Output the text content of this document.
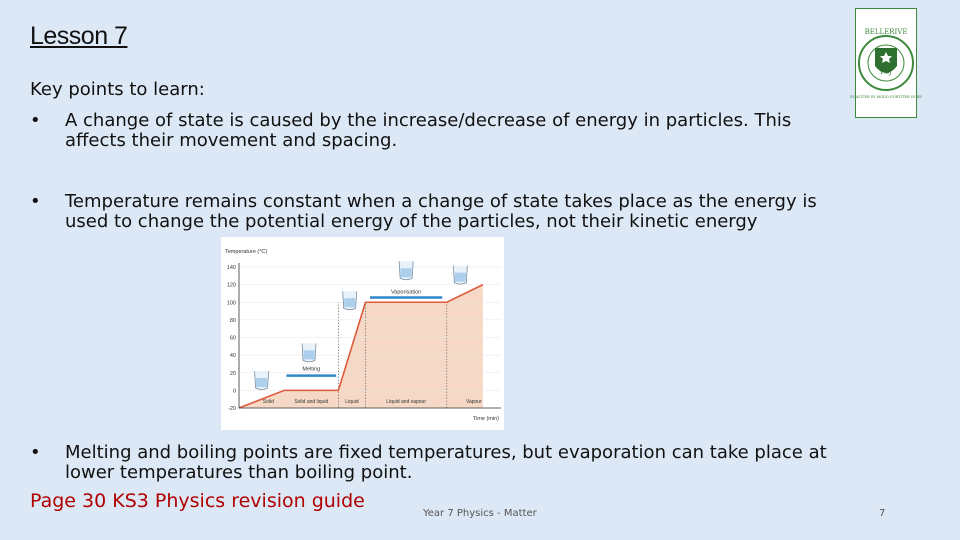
Lesson 7
Key points to learn:
• A change of state is caused by the increase/decrease of energy in particles. This affects their movement and spacing.
• Temperature remains constant when a change of state takes place as the energy is used to change the potential energy of the particles, not their kinetic energy
• Melting and boiling points are fixed temperatures, but evaporation can take place at lower temperatures than boiling point.
Page 30 KS3 Physics revision guide
Year 7 Physics - Matter	7
FCJ
BELLERIVE
SUAVITER IN MODO FORTITER IN RE
140
120
100
80
60
40
20
0
-20
Temperature (°C)
Time (min)
Solid	Solid and liquid	Liquid	Liquid and vapour	Vapour
Melting
Vaporisation
